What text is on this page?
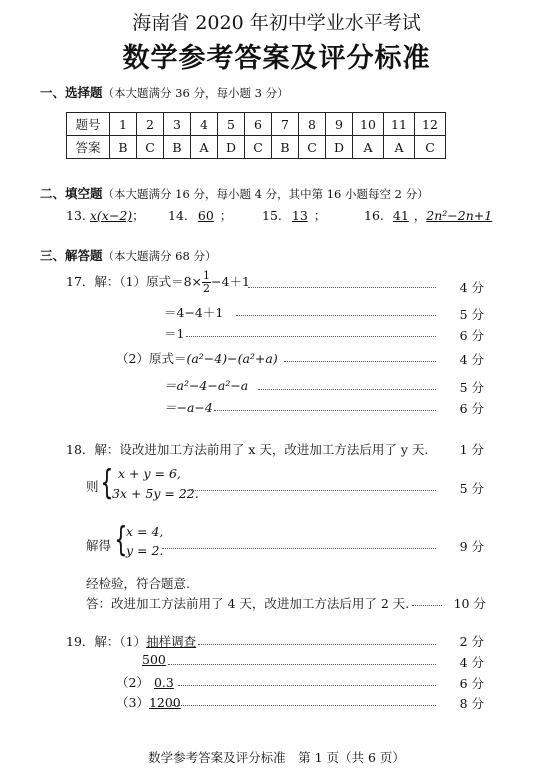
海南省 2020 年初中学业水平考试
数学参考答案及评分标准
一、选择题（本大题满分 36 分，每小题 3 分）
题号	1	2	3	4	5	6	7	8	9	10	11	12
答案	B	C	B	A	D	C	B	C	D	A	A	C
二、填空题（本大题满分 16 分，每小题 4 分，其中第 16 小题每空 2 分）
13. x(x−2)； 14. 60 ； 15. 13 ；	16. 41 ，2n²−2n+1
三、解答题（本大题满分 68 分）
17．解：（1）原式$=8\times \frac{1}{2}-4+1$	4 分
＝4−4＋1	5 分
＝1	6 分
（2）原式＝(a²−4)−(a²+a)	4 分
＝a²−4−a²−a	5 分
＝−a−4	6 分
18．解：设改进加工方法前用了 x 天，改进加工方法后用了 y 天.	1 分
则 { x + y = 6,
3x + 5y = 22.	5 分
解得 {
x = 4,
y = 2.	9 分
经检验，符合题意.
答：改进加工方法前用了 4 天，改进加工方法后用了 2 天.	10 分
19．解：（1）抽样调查	2 分
500	4 分
（2） 0.3	6 分
（3）1200	8 分
数学参考答案及评分标准　第 1 页（共 6 页）
